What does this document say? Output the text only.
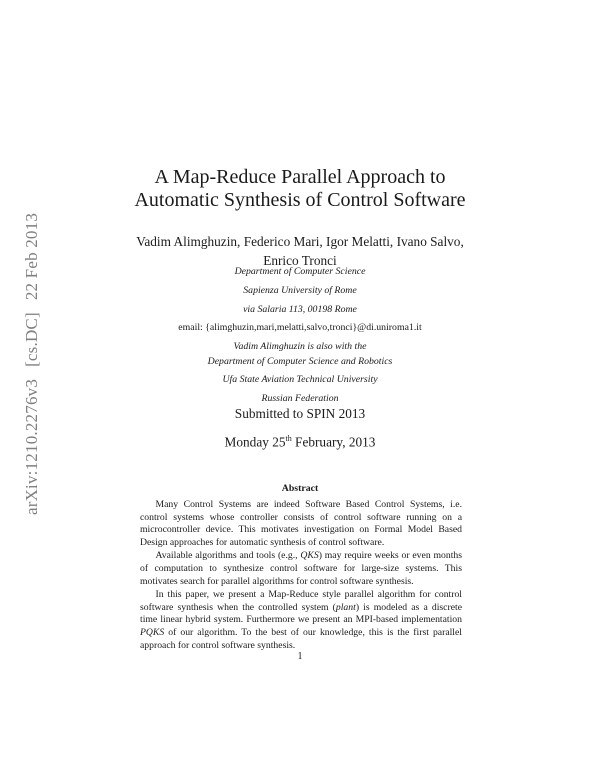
arXiv:1210.2276v3[cs.DC]22 Feb 2013
A Map-Reduce Parallel Approach to
Automatic Synthesis of Control Software
Vadim Alimghuzin, Federico Mari, Igor Melatti, Ivano Salvo,
Enrico Tronci
Department of Computer Science
Sapienza University of Rome
via Salaria 113, 00198 Rome
email: {alimghuzin,mari,melatti,salvo,tronci}@di.uniroma1.it
Vadim Alimghuzin is also with the
Department of Computer Science and Robotics
Ufa State Aviation Technical University
Russian Federation
Submitted to SPIN 2013
Monday 25th February, 2013
Abstract

Many Control Systems are indeed Software Based Control Systems, i.e. control systems whose controller consists of control software running on a microcontroller device. This motivates investigation on Formal Model Based Design approaches for automatic synthesis of control software.

Available algorithms and tools (e.g., QKS) may require weeks or even months of computation to synthesize control software for large-size systems. This motivates search for parallel algorithms for control software synthesis.

In this paper, we present a Map-Reduce style parallel algorithm for control software synthesis when the controlled system (plant) is modeled as a discrete time linear hybrid system. Furthermore we present an MPI-based implementation PQKS of our algorithm. To the best of our knowledge, this is the first parallel approach for control software synthesis.

1
